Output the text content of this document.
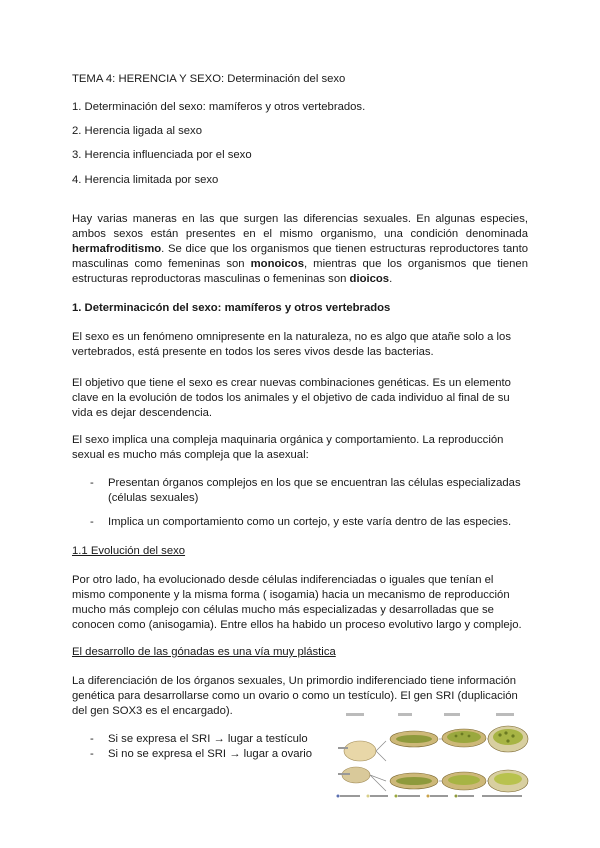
TEMA 4: HERENCIA Y SEXO: Determinación del sexo
1. Determinación del sexo: mamíferos y otros vertebrados.
2. Herencia ligada al sexo
3. Herencia influenciada por el sexo
4. Herencia limitada por sexo
Hay varias maneras en las que surgen las diferencias sexuales. En algunas especies, ambos sexos están presentes en el mismo organismo, una condición denominada hermafroditismo. Se dice que los organismos que tienen estructuras reproductores tanto masculinas como femeninas son monoicos, mientras que los organismos que tienen estructuras reproductoras masculinas o femeninas son dioicos.
1. Determinacicón del sexo: mamíferos y otros vertebrados
El sexo es un fenómeno omnipresente en la naturaleza, no es algo que atañe solo a los vertebrados, está presente en todos los seres vivos desde las bacterias.
El objetivo que tiene el sexo es crear nuevas combinaciones genéticas. Es un elemento clave en la evolución de todos los animales y el objetivo de cada individuo al final de su vida es dejar descendencia.
El sexo implica una compleja maquinaria orgánica y comportamiento. La reproducción sexual es mucho más compleja que la asexual:
- Presentan órganos complejos en los que se encuentran las células especializadas (células sexuales)
- Implica un comportamiento como un cortejo, y este varía dentro de las especies.
1.1 Evolución del sexo
Por otro lado, ha evolucionado desde células indiferenciadas o iguales que tenían el mismo componente y la misma forma ( isogamia) hacia un mecanismo de reproducción mucho más complejo con células mucho más especializadas y desarrolladas que se conocen como (anisogamia). Entre ellos ha habido un proceso evolutivo largo y complejo.
El desarrollo de las gónadas es una vía muy plástica
La diferenciación de los órganos sexuales, Un primordio indiferenciado tiene información genética para desarrollarse como un ovario o como un testículo). El gen SRI (duplicación del gen SOX3 es el encargado).
- Si se expresa el SRI → lugar a testículo
- Si no se expresa el SRI → lugar a ovario
